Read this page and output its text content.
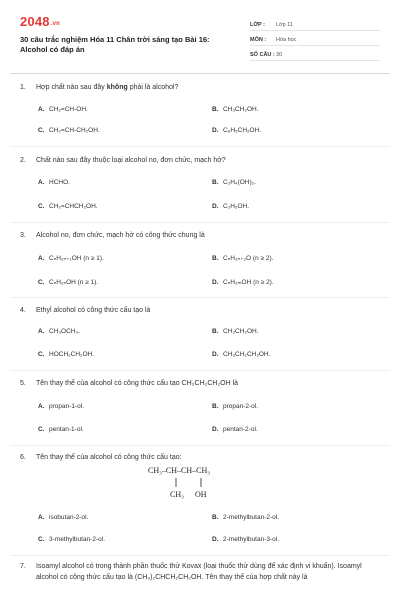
2048.vn
30 câu trắc nghiệm Hóa 11 Chân trời sáng tạo Bài 16: Alcohol có đáp án
LỚP :	Lớp 11
MÔN :	Hóa học
SỐ CÂU : 30
1.	Hợp chất nào sau đây không phải là alcohol?
A. CH₂=CH-OH.	B. CH₃CH₂OH.
C. CH₂=CH-CH₂OH.	D. C₆H₅CH₂OH.
2.	Chất nào sau đây thuộc loại alcohol no, đơn chức, mạch hở?
A. HCHO.	B. C₂H₄(OH)₂.
C. CH₂=CHCH₂OH.	D. C₂H₅OH.
3.	Alcohol no, đơn chức, mạch hở có công thức chung là
A. CₙH₂ₙ₊₁OH (n ≥ 1).	B. CₙH₂ₙ₊₂O (n ≥ 2).
C. CₙH₂ₙOH (n ≥ 1).	D. CₙH₂ₘOH (n ≥ 2).
4.	Ethyl alcohol có công thức cấu tạo là
A. CH₃OCH₃.	B. CH₃CH₂OH.
C. HOCH₂CH₂OH.	D. CH₃CH₂CH₂OH.
5.	Tên thay thế của alcohol có công thức cấu tạo CH₃CH₂CH₂OH là
A. propan-1-ol.	B. propan-2-ol.
C. pentan-1-ol.	D. pentan-2-ol.
6.	Tên thay thế của alcohol có công thức cấu tạo:
CH₃–CH–CH–CH₃
CH₃ OH
A. isobutan-2-ol.	B. 2-methylbutan-2-ol.
C. 3-methylbutan-2-ol.	D. 2-methylbutan-3-ol.
7.	Isoamyl alcohol có trong thành phần thuốc thử Kovax (loại thuốc thử dùng để xác định vi khuẩn). Isoamyl alcohol có công thức cấu tạo là (CH₃)₂CHCH₂CH₂OH. Tên thay thế của hợp chất này là
